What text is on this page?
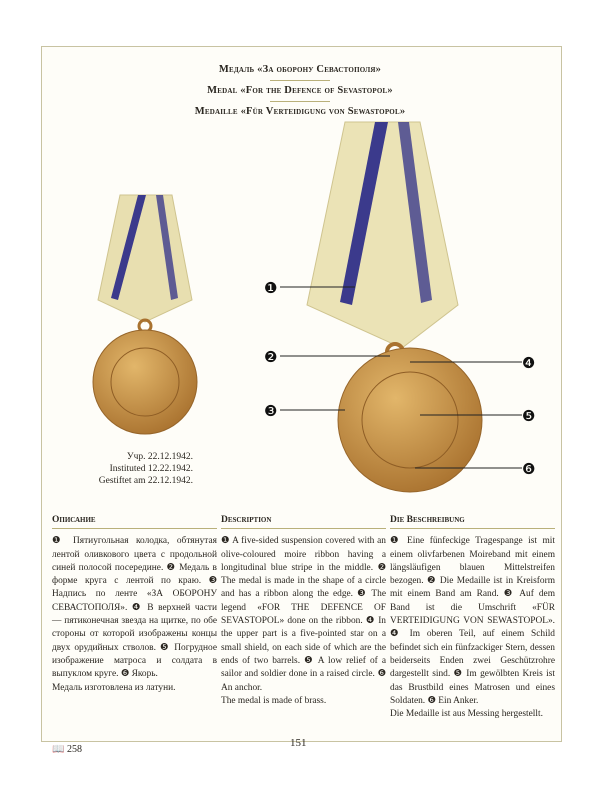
Медаль «За оборону Севастополя»
Medal «For the Defence of Sevastopol»
Medaille «Für Verteidigung von Sewastopol»
❶
❷
❸
❹
❺
❻
Учр. 22.12.1942.
Instituted 12.22.1942.
Gestiftet am 22.12.1942.
Описание

❶ Пятиугольная колодка, обтянутая лентой оливкового цвета с продольной синей полосой посередине. ❷ Медаль в форме круга с лентой по краю. ❸ Надпись по ленте «ЗА ОБОРОНУ СЕВАСТОПОЛЯ». ❹ В верхней части — пятиконечная звезда на щитке, по обе стороны от которой изображены концы двух орудийных стволов. ❺ Погрудное изображение матроса и солдата в выпуклом круге. ❻ Якорь.

Медаль изготовлена из латуни.

Description

❶ A five-sided suspension covered with an olive-coloured moire ribbon having a longitudinal blue stripe in the middle. ❷ The medal is made in the shape of a circle and has a ribbon along the edge. ❸ The legend «FOR THE DEFENCE OF SEVASTOPOL» done on the ribbon. ❹ In the upper part is a five-pointed star on a small shield, on each side of which are the ends of two barrels. ❺ A low relief of a sailor and soldier done in a raised circle. ❻ An anchor.

The medal is made of brass.

Die Beschreibung

❶ Eine fünfeckige Tragespange ist mit einem olivfarbenen Moireband mit einem längsläufigen blauen Mittelstreifen bezogen. ❷ Die Medaille ist in Kreisform mit einem Band am Rand. ❸ Auf dem Band ist die Umschrift «FÜR VERTEIDIGUNG VON SEWASTOPOL». ❹ Im oberen Teil, auf einem Schild befindet sich ein fünfzackiger Stern, dessen beiderseits Enden zwei Geschützrohre dargestellt sind. ❺ Im gewölbten Kreis ist das Brustbild eines Matrosen und eines Soldaten. ❻ Ein Anker.

Die Medaille ist aus Messing hergestellt.

📖 258
151
